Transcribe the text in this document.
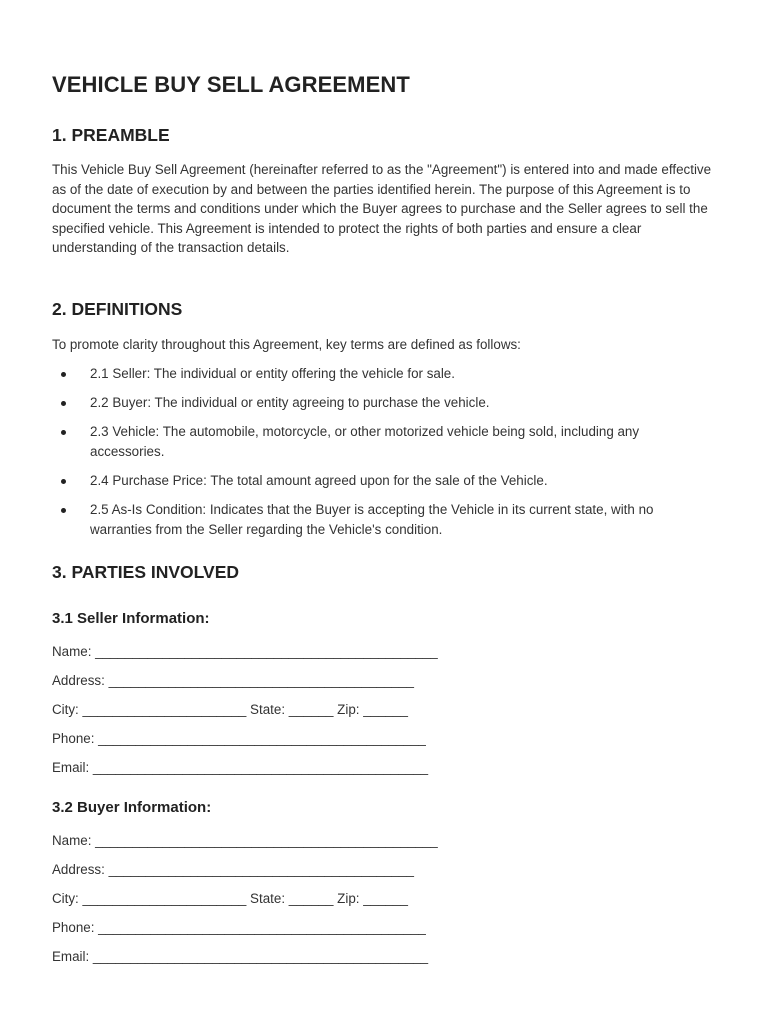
VEHICLE BUY SELL AGREEMENT
1. PREAMBLE

This Vehicle Buy Sell Agreement (hereinafter referred to as the "Agreement") is entered into and made effective as of the date of execution by and between the parties identified herein. The purpose of this Agreement is to document the terms and conditions under which the Buyer agrees to purchase and the Seller agrees to sell the specified vehicle. This Agreement is intended to protect the rights of both parties and ensure a clear understanding of the transaction details.

2. DEFINITIONS

To promote clarity throughout this Agreement, key terms are defined as follows:

2.1 Seller: The individual or entity offering the vehicle for sale.
2.2 Buyer: The individual or entity agreeing to purchase the vehicle.
2.3 Vehicle: The automobile, motorcycle, or other motorized vehicle being sold, including any accessories.
2.4 Purchase Price: The total amount agreed upon for the sale of the Vehicle.
2.5 As-Is Condition: Indicates that the Buyer is accepting the Vehicle in its current state, with no warranties from the Seller regarding the Vehicle's condition.
3. PARTIES INVOLVED
3.1 Seller Information:

Name: ______________________________________________

Address: _________________________________________

City: ______________________ State: ______ Zip: ______

Phone: ____________________________________________

Email: _____________________________________________

3.2 Buyer Information:

Name: ______________________________________________

Address: _________________________________________

City: ______________________ State: ______ Zip: ______

Phone: ____________________________________________

Email: _____________________________________________
